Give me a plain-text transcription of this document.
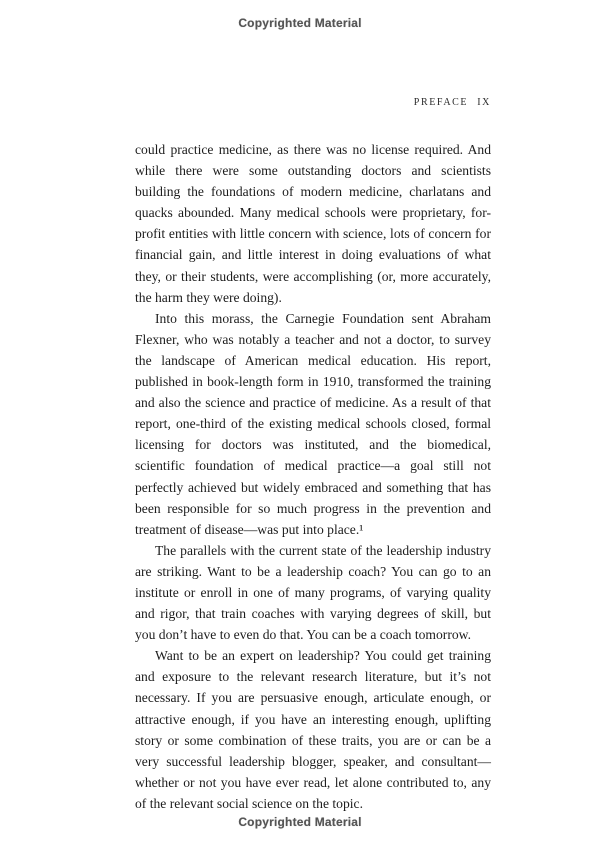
Copyrighted Material
PREFACE IX

could practice medicine, as there was no license required. And while there were some outstanding doctors and scientists building the foundations of modern medicine, charlatans and quacks abounded. Many medical schools were proprietary, for-profit entities with little concern with science, lots of concern for financial gain, and little interest in doing evaluations of what they, or their students, were accomplishing (or, more accurately, the harm they were doing).

Into this morass, the Carnegie Foundation sent Abraham Flexner, who was notably a teacher and not a doctor, to survey the landscape of American medical education. His report, published in book-length form in 1910, transformed the training and also the science and practice of medicine. As a result of that report, one-third of the existing medical schools closed, formal licensing for doctors was instituted, and the biomedical, scientific foundation of medical practice—a goal still not perfectly achieved but widely embraced and something that has been responsible for so much progress in the prevention and treatment of disease—was put into place.¹

The parallels with the current state of the leadership industry are striking. Want to be a leadership coach? You can go to an institute or enroll in one of many programs, of varying quality and rigor, that train coaches with varying degrees of skill, but you don’t have to even do that. You can be a coach tomorrow.

Want to be an expert on leadership? You could get training and exposure to the relevant research literature, but it’s not necessary. If you are persuasive enough, articulate enough, or attractive enough, if you have an interesting enough, uplifting story or some combination of these traits, you are or can be a very successful leadership blogger, speaker, and consultant—whether or not you have ever read, let alone contributed to, any of the relevant social science on the topic.

Copyrighted Material
